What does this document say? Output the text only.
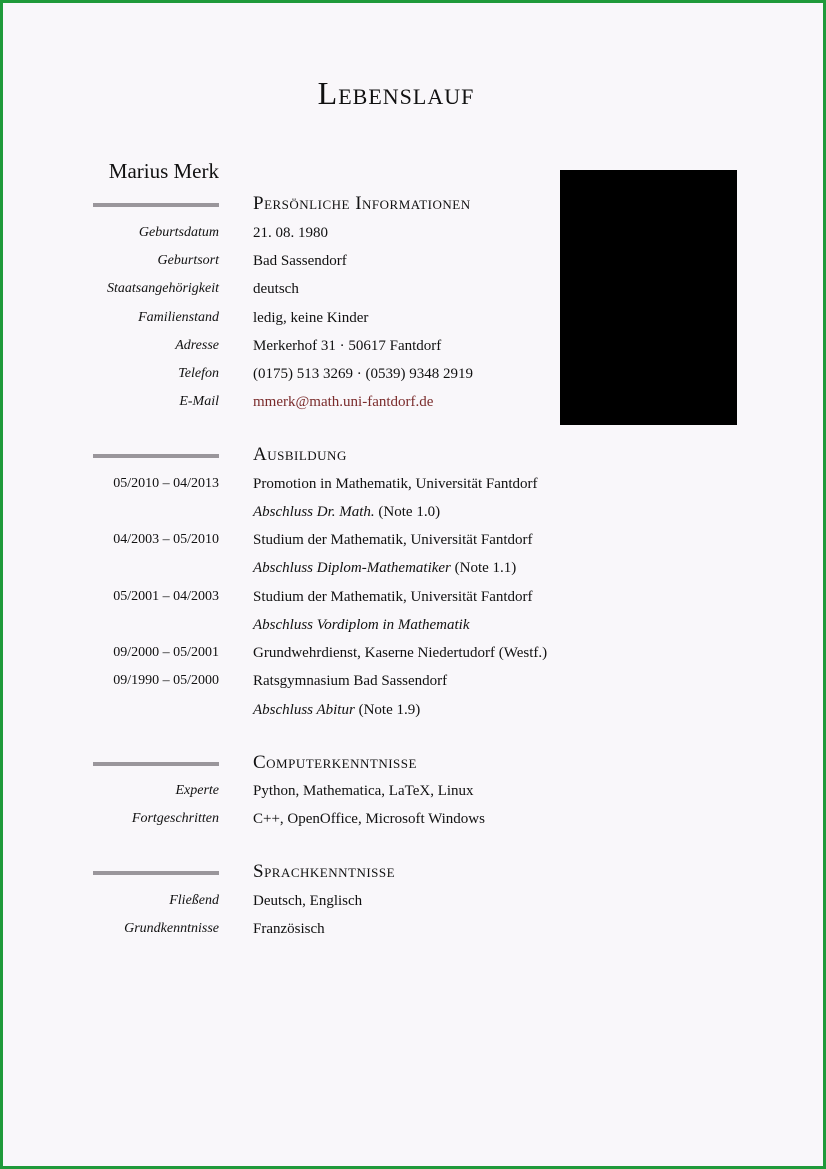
Lebenslauf
Marius Merk
Persönliche Informationen
Geburtsdatum 21. 08. 1980
Geburtsort Bad Sassendorf
Staatsangehörigkeit deutsch
Familienstand ledig, keine Kinder
Adresse Merkerhof 31 · 50617 Fantdorf
Telefon (0175) 513 3269 · (0539) 9348 2919
E-Mail mmerk@math.uni-fantdorf.de
Ausbildung
05/2010 – 04/2013 Promotion in Mathematik, Universität Fantdorf
Abschluss Dr. Math. (Note 1.0)
04/2003 – 05/2010 Studium der Mathematik, Universität Fantdorf
Abschluss Diplom-Mathematiker (Note 1.1)
05/2001 – 04/2003 Studium der Mathematik, Universität Fantdorf
Abschluss Vordiplom in Mathematik
09/2000 – 05/2001 Grundwehrdienst, Kaserne Niedertudorf (Westf.)
09/1990 – 05/2000 Ratsgymnasium Bad Sassendorf
Abschluss Abitur (Note 1.9)
Computerkenntnisse
Experte Python, Mathematica, LaTeX, Linux
Fortgeschritten C++, OpenOffice, Microsoft Windows
Sprachkenntnisse
Fließend Deutsch, Englisch
Grundkenntnisse Französisch
